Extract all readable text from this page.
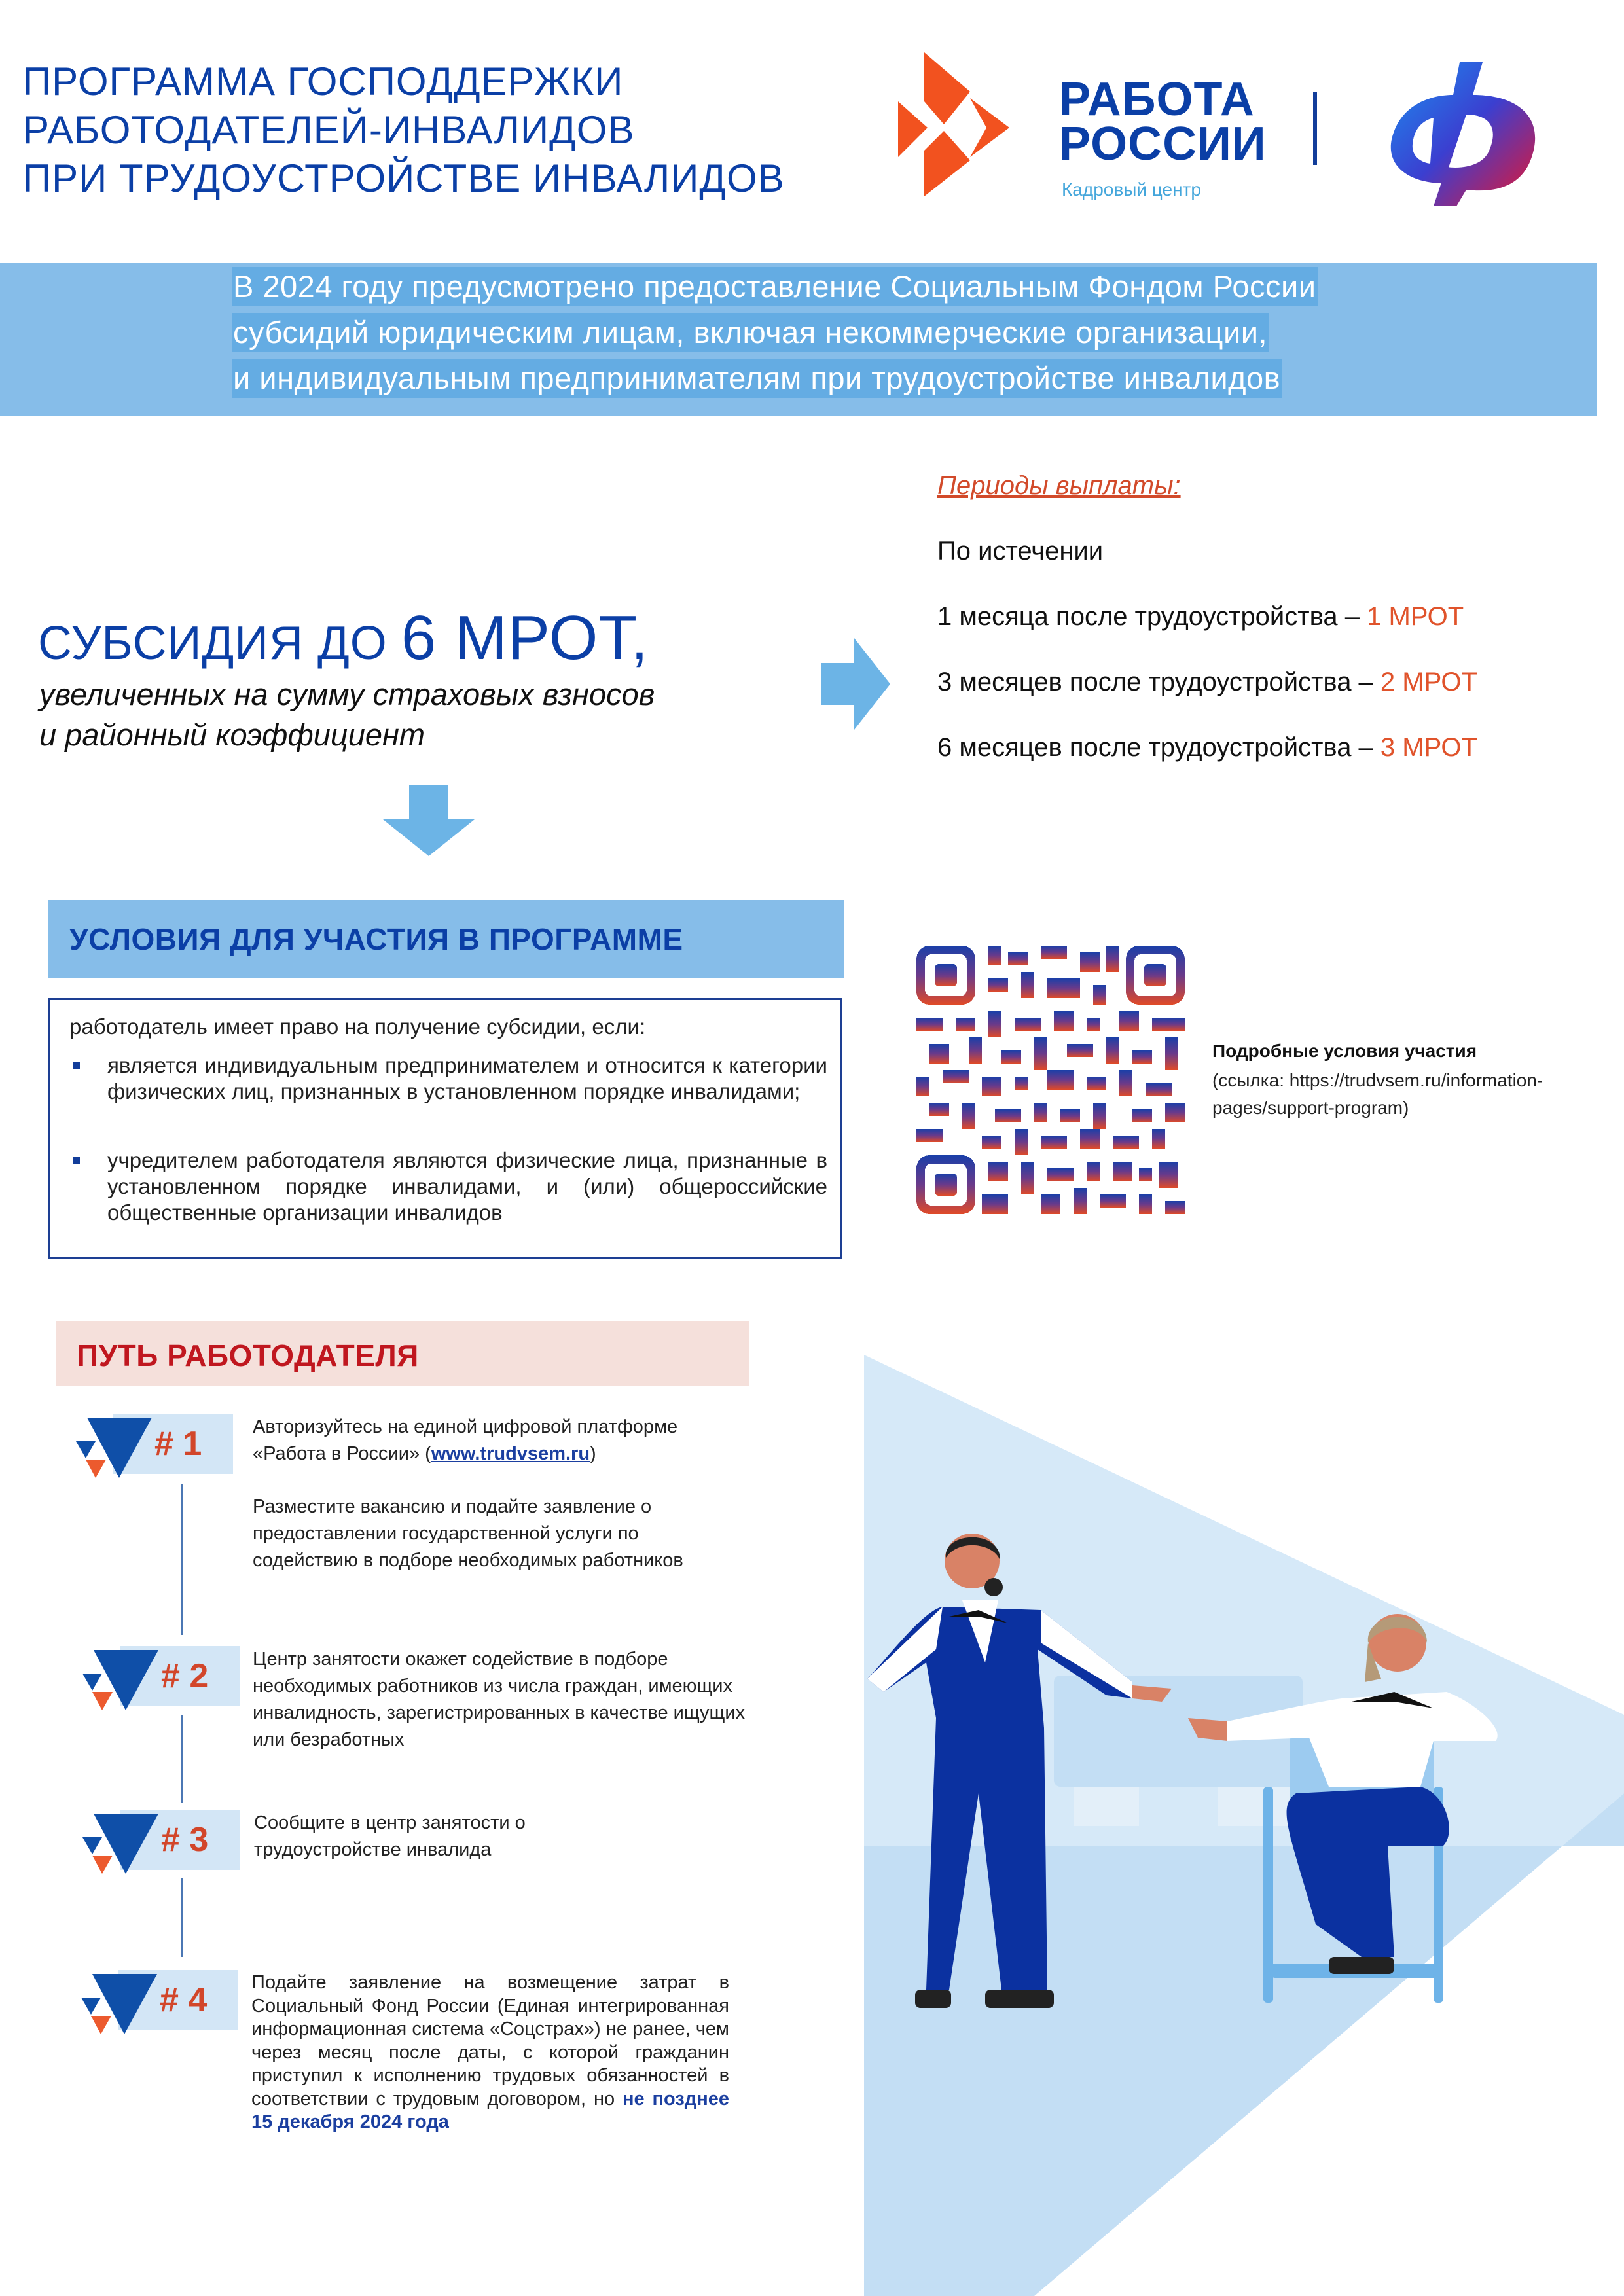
ПРОГРАММА ГОСПОДДЕРЖКИ
РАБОТОДАТЕЛЕЙ-ИНВАЛИДОВ
ПРИ ТРУДОУСТРОЙСТВЕ ИНВАЛИДОВ
РАБОТА
РОССИИ
Кадровый центр
В 2024 году предусмотрено предоставление Социальным Фондом России
субсидий юридическим лицам, включая некоммерческие организации,
и индивидуальным предпринимателям при трудоустройстве инвалидов
СУБСИДИЯ ДО 6 МРОТ,
увеличенных на сумму страховых взносов
и районный коэффициент
Периоды выплаты:
По истечении
1 месяца после трудоустройства – 1 МРОТ
3 месяцев после трудоустройства – 2 МРОТ
6 месяцев после трудоустройства – 3 МРОТ
УСЛОВИЯ ДЛЯ УЧАСТИЯ В ПРОГРАММЕ
работодатель имеет право на получение субсидии, если:
является индивидуальным предпринимателем и относится к категории физических лиц, признанных в установленном порядке инвалидами;
учредителем работодателя являются физические лица, признанные в установленном порядке инвалидами, и (или) общероссийские общественные организации инвалидов
Подробные условия участия
(ссылка: https://trudvsem.ru/information-pages/support-program)
ПУТЬ РАБОТОДАТЕЛЯ
# 1	Авторизуйтесь на единой цифровой платформе «Работа в России» (www.trudvsem.ru)
Разместите вакансию и подайте заявление о предоставлении государственной услуги по содействию в подборе необходимых работников
# 2 Центр занятости окажет содействие в подборе необходимых работников из числа граждан, имеющих инвалидность, зарегистрированных в качестве ищущих или безработных
# 3 Сообщите в центр занятости о трудоустройстве инвалида
# 4 Подайте заявление на возмещение затрат в Социальный Фонд России (Единая интегрированная информационная система «Соцстрах») не ранее, чем через месяц после даты, с которой гражданин приступил к исполнению трудовых обязанностей в соответствии с трудовым договором, но не позднее 15 декабря 2024 года
